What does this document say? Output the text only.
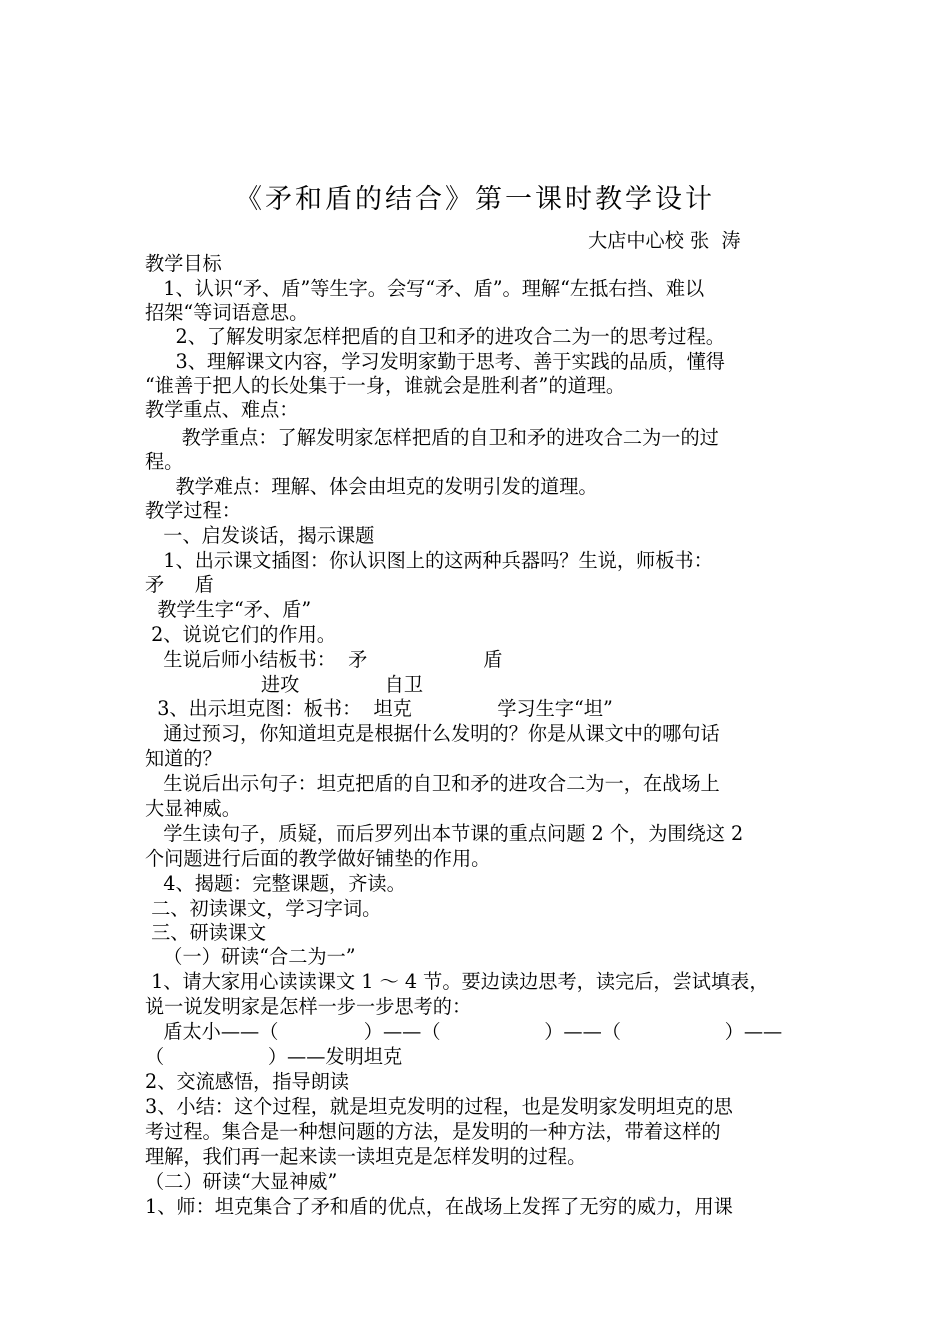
《矛和盾的结合》第一课时教学设计
大店中心校 张  涛
教学目标
1、认识“矛、盾”等生字。会写“矛、盾”。理解“左抵右挡、难以
招架“等词语意思。
2、了解发明家怎样把盾的自卫和矛的进攻合二为一的思考过程。
3、理解课文内容，学习发明家勤于思考、善于实践的品质，懂得
“谁善于把人的长处集于一身，谁就会是胜利者”的道理。
教学重点、难点：
教学重点：了解发明家怎样把盾的自卫和矛的进攻合二为一的过
程。
教学难点：理解、体会由坦克的发明引发的道理。
教学过程：
一、启发谈话，揭示课题
1、出示课文插图：你认识图上的这两种兵器吗？生说，师板书：
矛     盾
教学生字“矛、盾”
2、说说它们的作用。
生说后师小结板书：  矛                   盾
进攻              自卫
3、出示坦克图：板书：  坦克              学习生字“坦”
通过预习，你知道坦克是根据什么发明的？你是从课文中的哪句话
知道的？
生说后出示句子：坦克把盾的自卫和矛的进攻合二为一，在战场上
大显神威。
学生读句子，质疑，而后罗列出本节课的重点问题 2 个，为围绕这 2
个问题进行后面的教学做好铺垫的作用。
4、揭题：完整课题，齐读。
二、初读课文，学习字词。
三、研读课文
（一）研读“合二为一”
1、请大家用心读读课文 1 ～ 4 节。要边读边思考，读完后，尝试填表，
说一说发明家是怎样一步一步思考的：
盾太小——（              ）——（                 ）——（                 ）——
（                 ）——发明坦克
2、交流感悟，指导朗读
3、小结：这个过程，就是坦克发明的过程，也是发明家发明坦克的思
考过程。集合是一种想问题的方法，是发明的一种方法，带着这样的
理解，我们再一起来读一读坦克是怎样发明的过程。
（二）研读“大显神威”
1、师：坦克集合了矛和盾的优点，在战场上发挥了无穷的威力，用课
